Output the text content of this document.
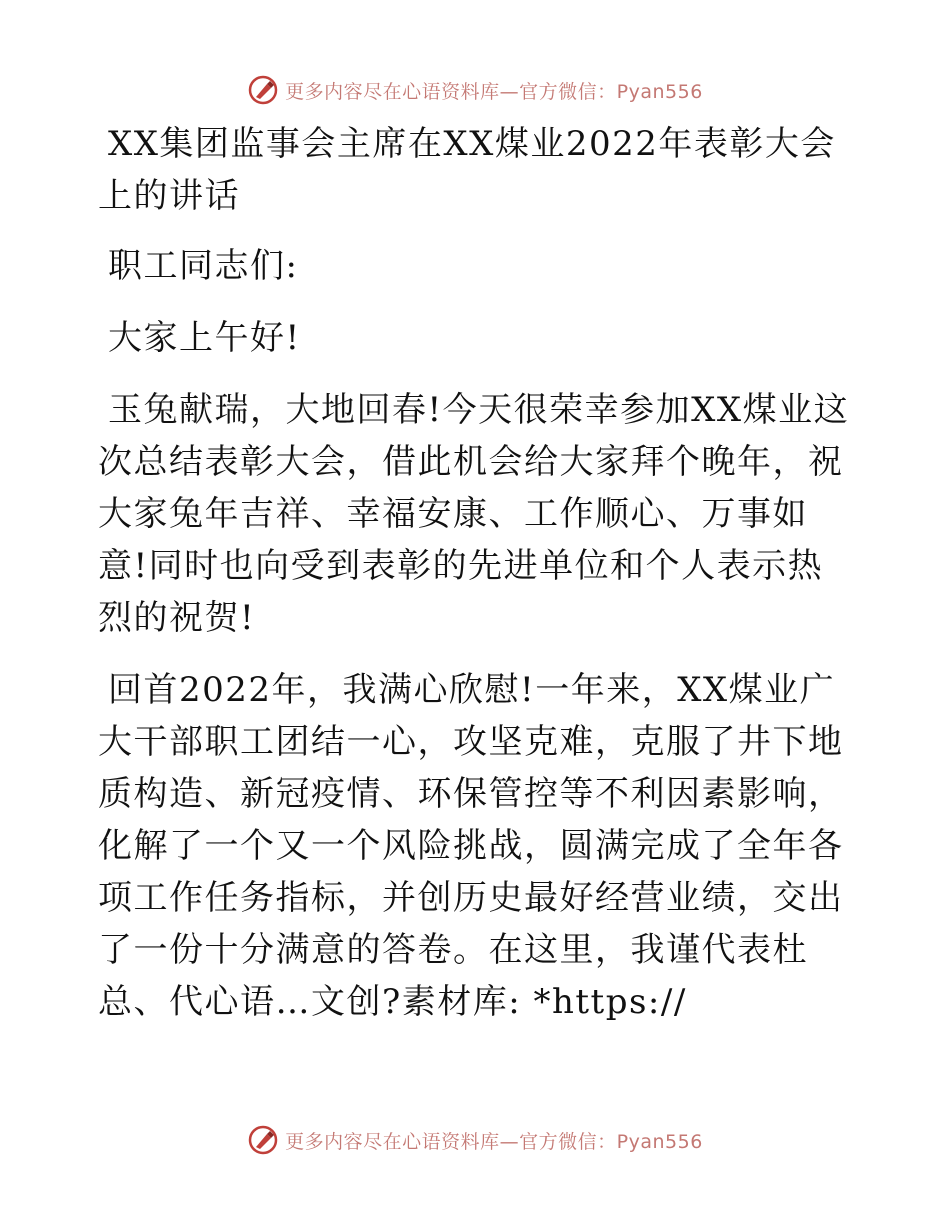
更多内容尽在心语资料库—官方微信：Pyan556

XX集团监事会主席在XX煤业2022年表彰大会上的讲话

职工同志们:

大家上午好!

玉兔献瑞，大地回春!今天很荣幸参加XX煤业这次总结表彰大会，借此机会给大家拜个晚年，祝大家兔年吉祥、幸福安康、工作顺心、万事如意!同时也向受到表彰的先进单位和个人表示热烈的祝贺!

回首2022年，我满心欣慰!一年来，XX煤业广大干部职工团结一心，攻坚克难，克服了井下地质构造、新冠疫情、环保管控等不利因素影响，化解了一个又一个风险挑战，圆满完成了全年各项工作任务指标，并创历史最好经营业绩，交出了一份十分满意的答卷。在这里，我谨代表杜总、代心语…文创?素材库: *https://

更多内容尽在心语资料库—官方微信：Pyan556
